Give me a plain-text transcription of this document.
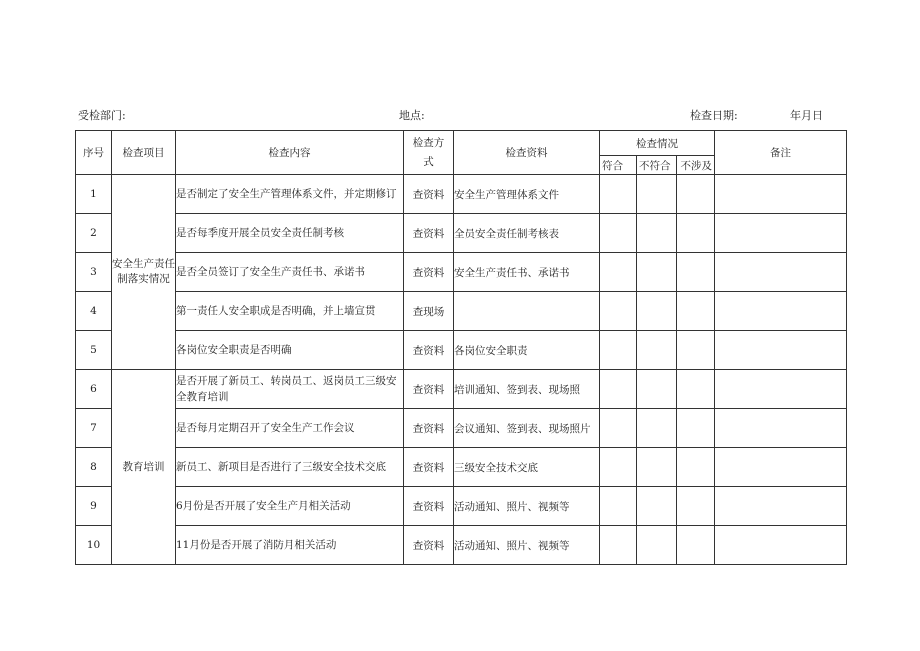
受检部门:	地点:	检查日期:	年月日
序号	检查项目	检查内容	检查方式	检查资料	检查情况			备注
					符合	不符合	不涉及	
1	安全生产责任制落实情况	是否制定了安全生产管理体系文件，并定期修订	查资料	安全生产管理体系文件				
2		是否每季度开展全员安全责任制考核	查资料	全员安全责任制考核表				
3		是否全员签订了安全生产责任书、承诺书	查资料	安全生产责任书、承诺书				
4		第一责任人安全职成是否明确，并上墙宣贯	查现场					
5		各岗位安全职责是否明确	查资料	各岗位安全职责				
6	教育培训	是否开展了新员工、转岗员工、返岗员工三级安全教育培训	查资料	培训通知、签到表、现场照				
7		是否每月定期召开了安全生产工作会议	查资料	会议通知、签到表、现场照片				
8		新员工、新项目是否进行了三级安全技术交底	查资料	三级安全技术交底				
9		6月份是否开展了安全生产月相关活动	查资料	活动通知、照片、视频等				
10		11月份是否开展了消防月相关活动	查资料	活动通知、照片、视频等				
